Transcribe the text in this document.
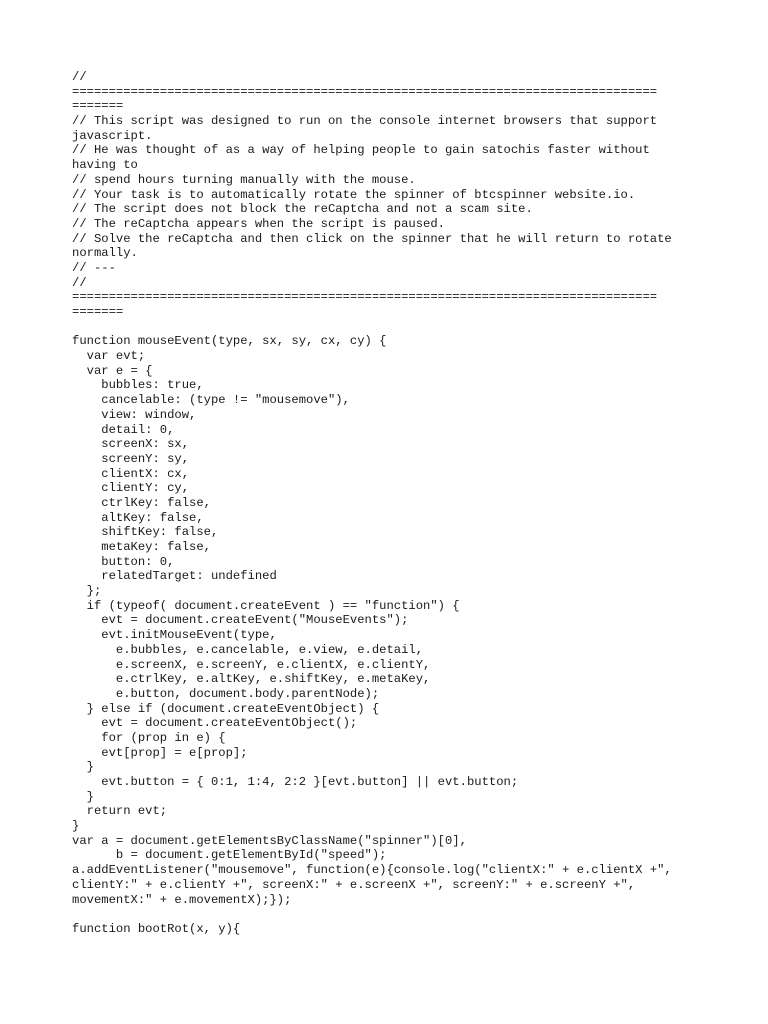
//
================================================================================
=======
// This script was designed to run on the console internet browsers that support
javascript.
// He was thought of as a way of helping people to gain satochis faster without
having to
// spend hours turning manually with the mouse.
// Your task is to automatically rotate the spinner of btcspinner website.io.
// The script does not block the reCaptcha and not a scam site.
// The reCaptcha appears when the script is paused.
// Solve the reCaptcha and then click on the spinner that he will return to rotate
normally.
// ---
//
================================================================================
=======
function mouseEvent(type, sx, sy, cx, cy) {
var evt;
var e = {
bubbles: true,
cancelable: (type != "mousemove"),
view: window,
detail: 0,
screenX: sx,
screenY: sy,
clientX: cx,
clientY: cy,
ctrlKey: false,
altKey: false,
shiftKey: false,
metaKey: false,
button: 0,
relatedTarget: undefined
};
if (typeof( document.createEvent ) == "function") {
evt = document.createEvent("MouseEvents");
evt.initMouseEvent(type,
e.bubbles, e.cancelable, e.view, e.detail,
e.screenX, e.screenY, e.clientX, e.clientY,
e.ctrlKey, e.altKey, e.shiftKey, e.metaKey,
e.button, document.body.parentNode);
} else if (document.createEventObject) {
evt = document.createEventObject();
for (prop in e) {
evt[prop] = e[prop];
}
evt.button = { 0:1, 1:4, 2:2 }[evt.button] || evt.button;
}
return evt;
}
var a = document.getElementsByClassName("spinner")[0],
b = document.getElementById("speed");
a.addEventListener("mousemove", function(e){console.log("clientX:" + e.clientX +",
clientY:" + e.clientY +", screenX:" + e.screenX +", screenY:" + e.screenY +",
movementX:" + e.movementX);});
function bootRot(x, y){
